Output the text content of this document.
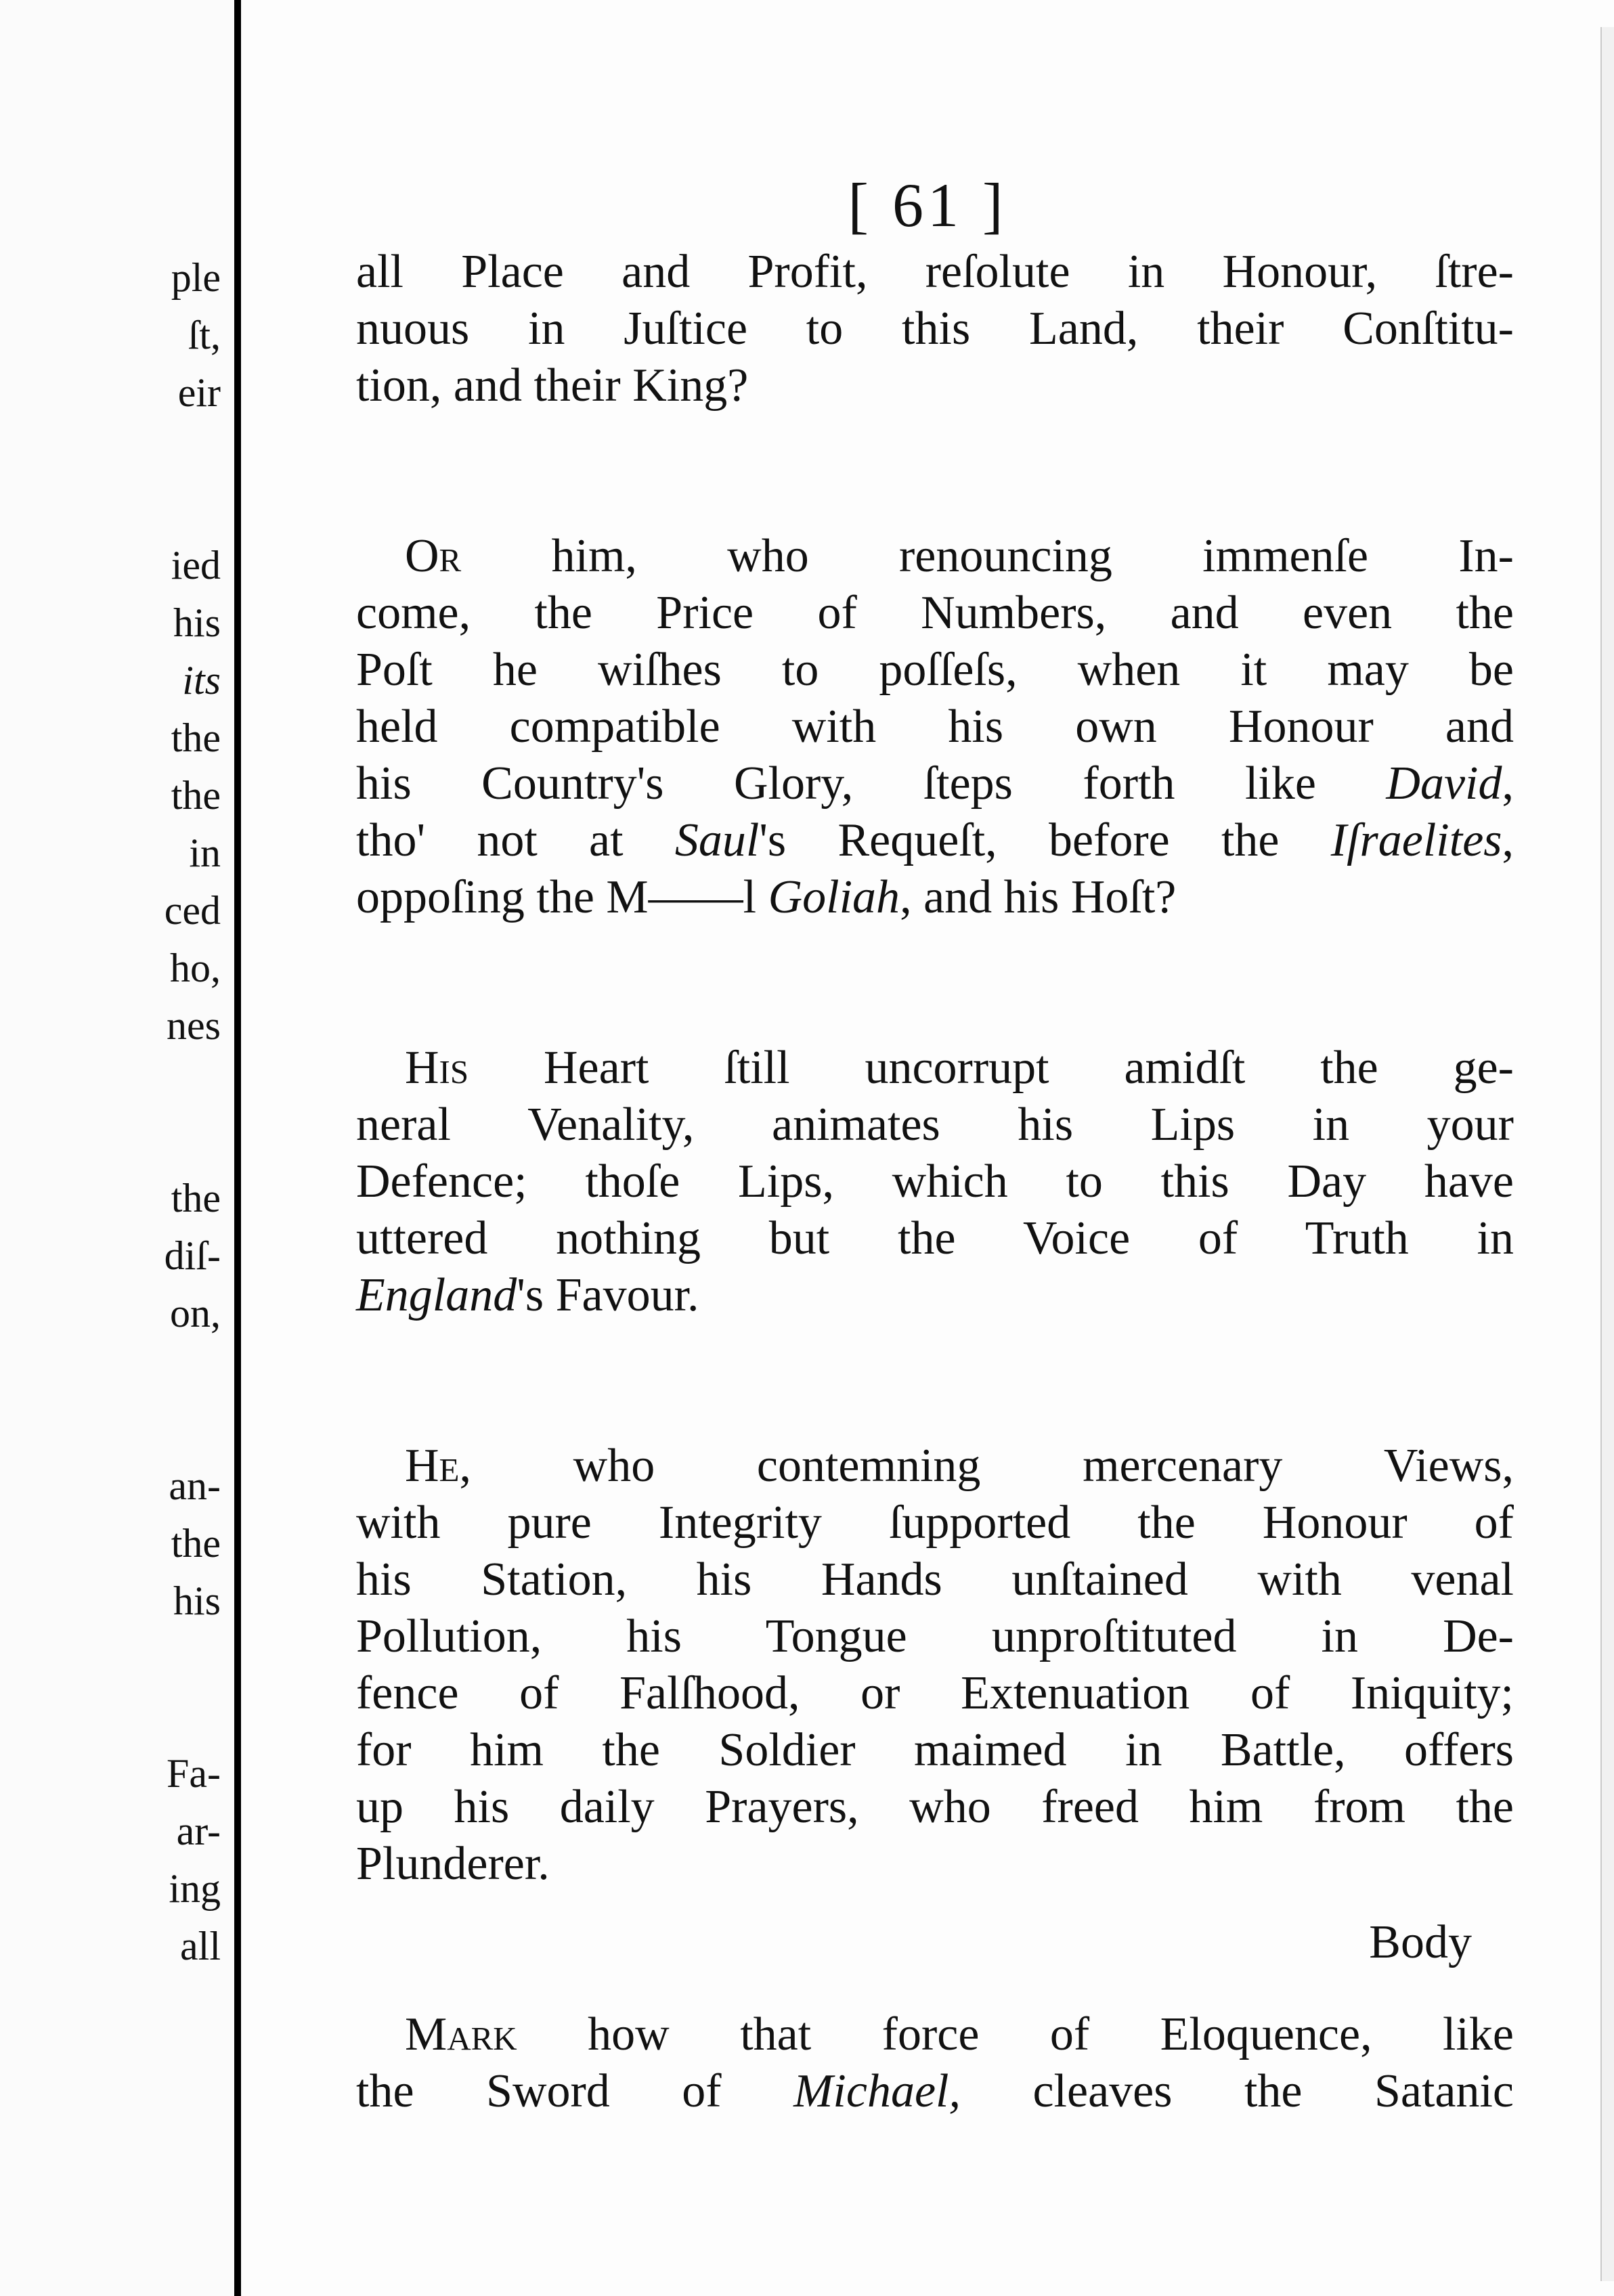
ple
ſt,
eir
ied
his
its
the
the
in
ced
ho,
nes
the
diſ-
on,
an-
the
his
Fa-
ar-
ing
all
[ 61 ]
all Place and Profit, reſolute in Honour, ſtre-
nuous in Juſtice to this Land, their Conſtitu-
tion, and their King?
Or him, who renouncing immenſe In-
come, the Price of Numbers, and even the
Poſt he wiſhes to poſſeſs, when it may be
held compatible with his own Honour and
his Country's Glory, ſteps forth like David,
tho' not at Saul's Requeſt, before the Iſraelites,
oppoſing the M——l Goliah, and his Hoſt?
His Heart ſtill uncorrupt amidſt the ge-
neral Venality, animates his Lips in your
Defence; thoſe Lips, which to this Day have
uttered nothing but the Voice of Truth in
England's Favour.
He, who contemning mercenary Views,
with pure Integrity ſupported the Honour of
his Station, his Hands unſtained with venal
Pollution, his Tongue unproſtituted in De-
fence of Falſhood, or Extenuation of Iniquity;
for him the Soldier maimed in Battle, offers
up his daily Prayers, who freed him from the
Plunderer.
Mark how that force of Eloquence, like
the Sword of Michael, cleaves the Satanic
Body
